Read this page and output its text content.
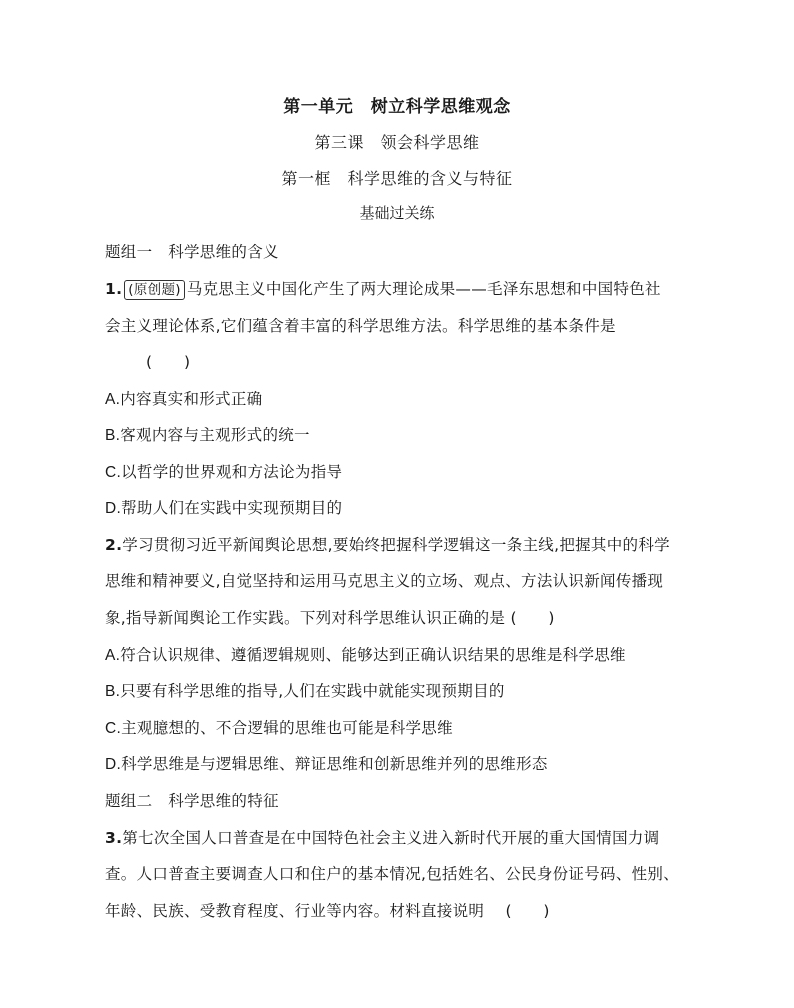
第一单元　树立科学思维观念
第三课　领会科学思维
第一框　科学思维的含义与特征
基础过关练
题组一　科学思维的含义
1. (原创题) 马克思主义中国化产生了两大理论成果——毛泽东思想和中国特色社
会主义理论体系,它们蕴含着丰富的科学思维方法。科学思维的基本条件是
(　　)
A.内容真实和形式正确
B.客观内容与主观形式的统一
C.以哲学的世界观和方法论为指导
D.帮助人们在实践中实现预期目的
2.学习贯彻习近平新闻舆论思想,要始终把握科学逻辑这一条主线,把握其中的科学
思维和精神要义,自觉坚持和运用马克思主义的立场、观点、方法认识新闻传播现
象,指导新闻舆论工作实践。下列对科学思维认识正确的是 (　　)
A.符合认识规律、遵循逻辑规则、能够达到正确认识结果的思维是科学思维
B.只要有科学思维的指导,人们在实践中就能实现预期目的
C.主观臆想的、不合逻辑的思维也可能是科学思维
D.科学思维是与逻辑思维、辩证思维和创新思维并列的思维形态
题组二　科学思维的特征
3.第七次全国人口普查是在中国特色社会主义进入新时代开展的重大国情国力调
查。人口普查主要调查人口和住户的基本情况,包括姓名、公民身份证号码、性别、
年龄、民族、受教育程度、行业等内容。材料直接说明 (　　)
